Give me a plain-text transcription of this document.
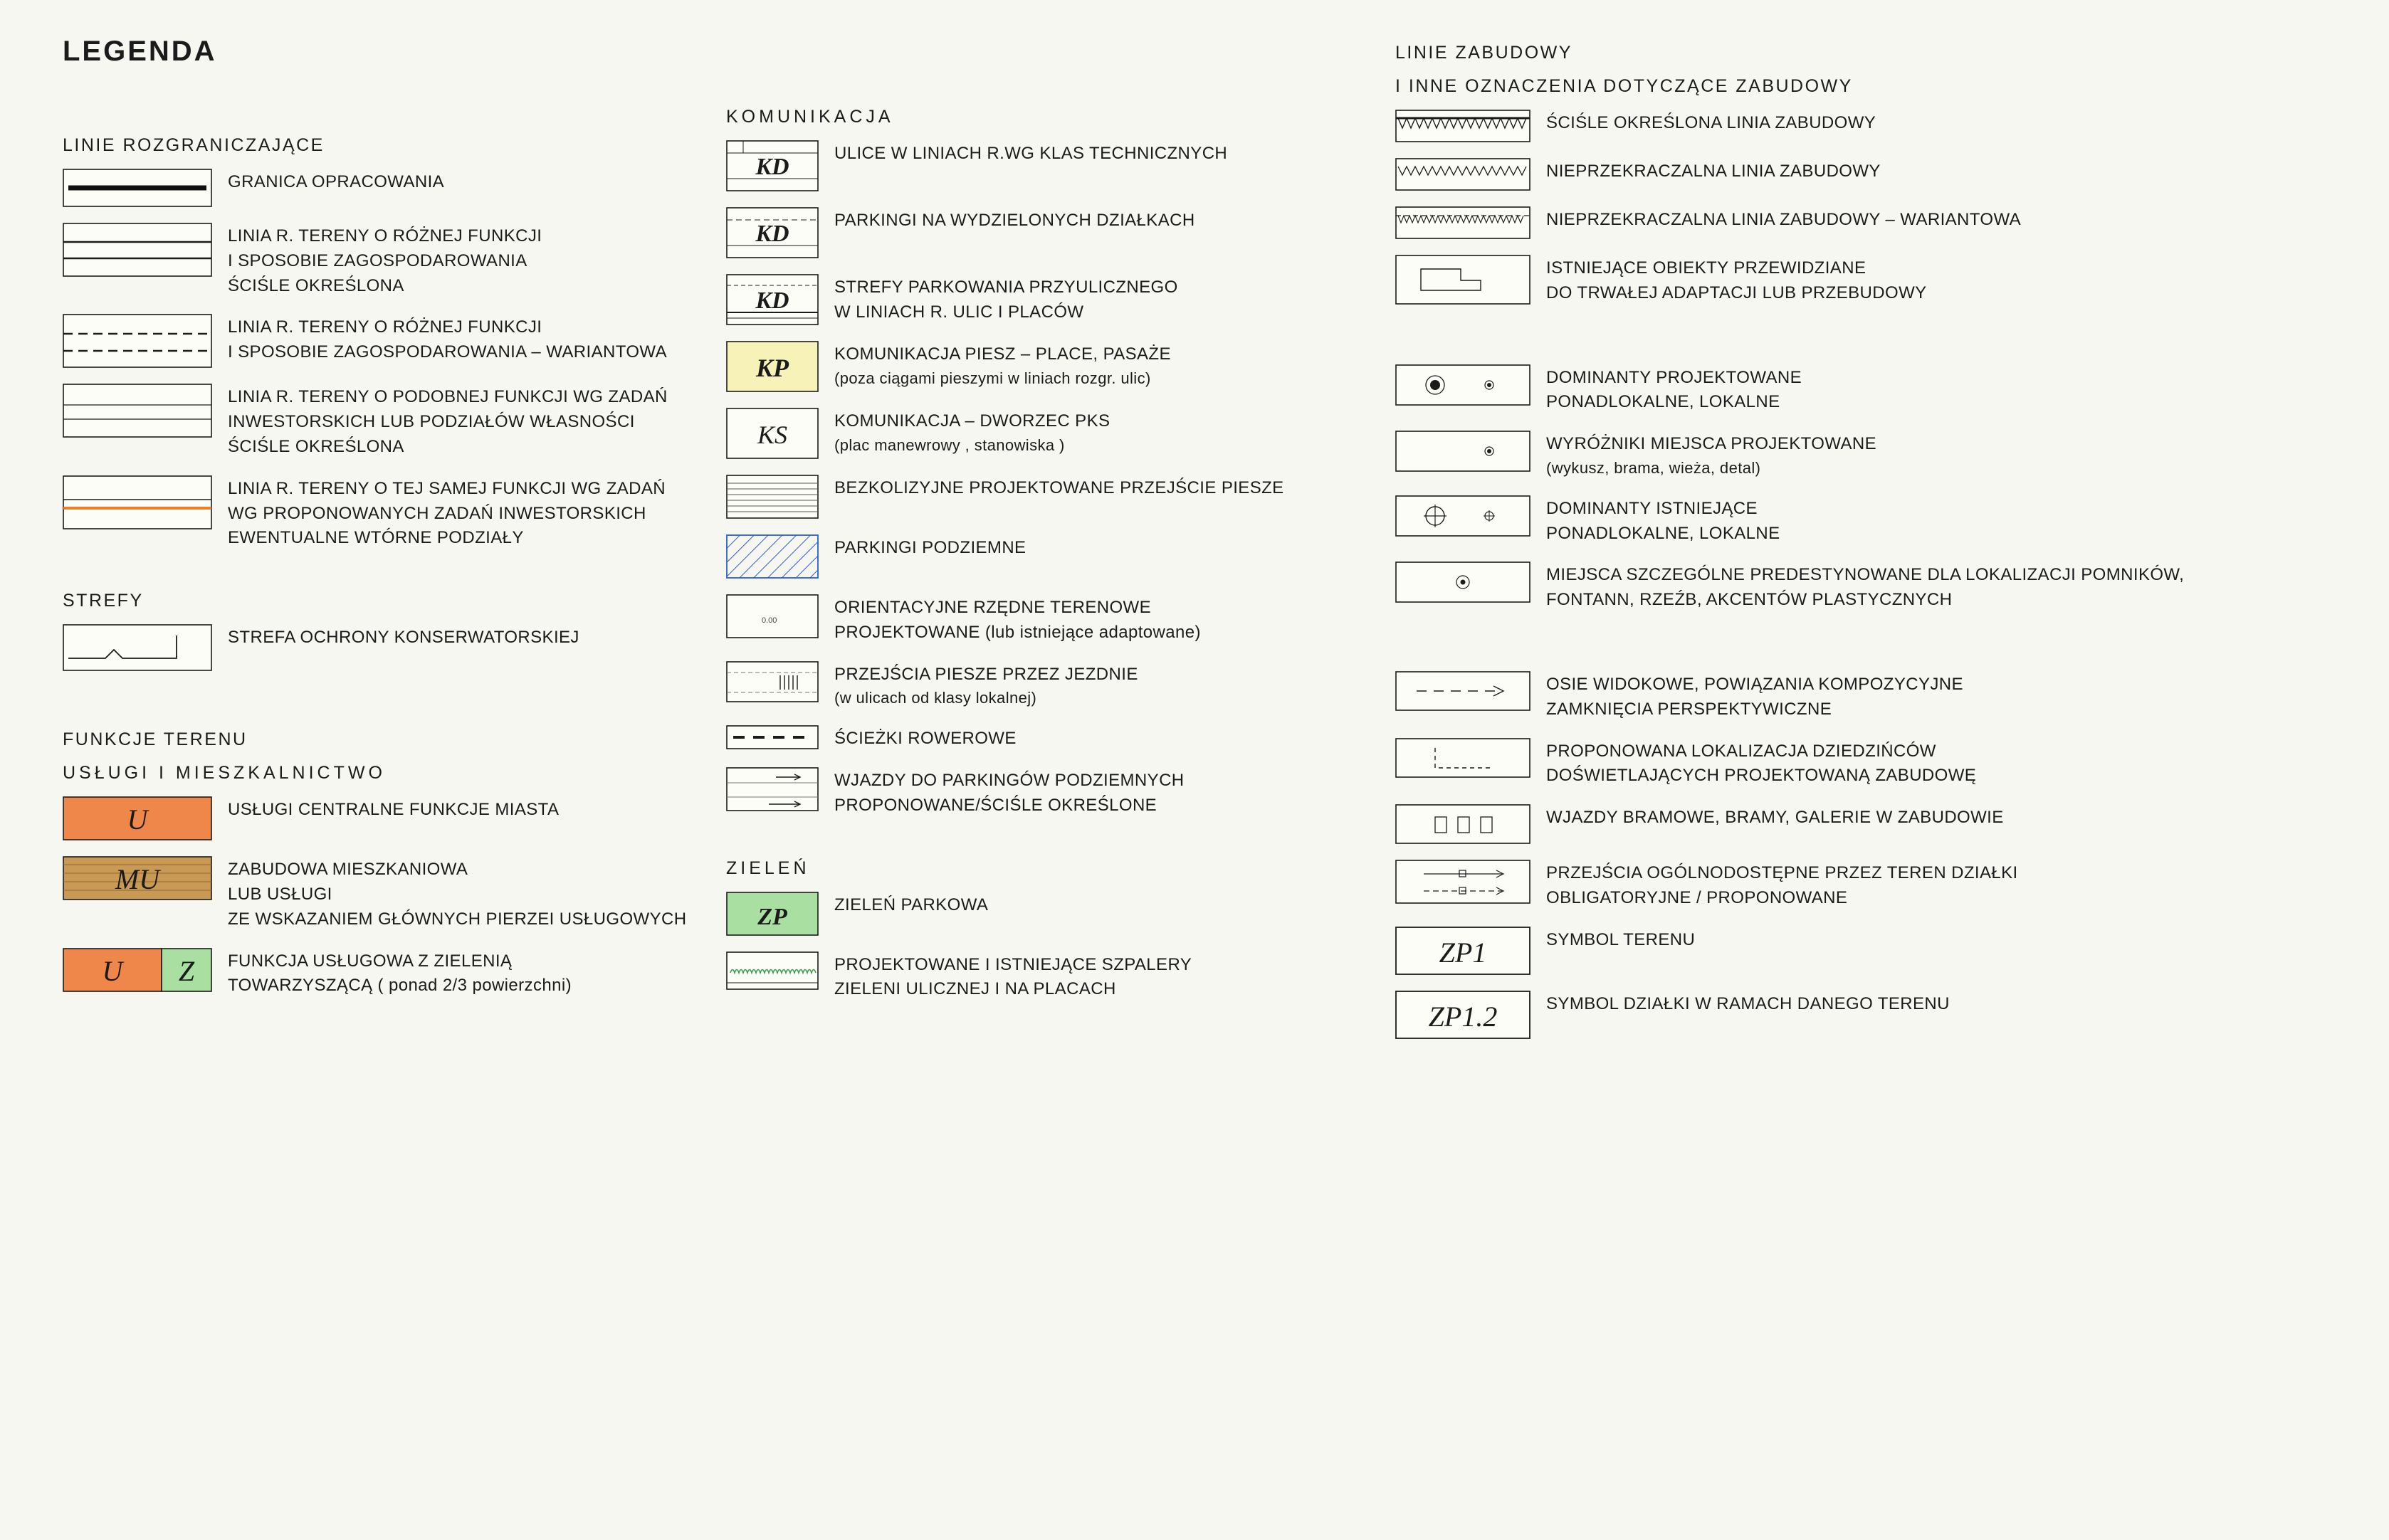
LEGENDA
LINIE ROZGRANICZAJĄCE
GRANICA OPRACOWANIA
LINIA R. TERENY O RÓŻNEJ FUNKCJI
I SPOSOBIE ZAGOSPODAROWANIA
ŚCIŚLE OKREŚLONA
LINIA R. TERENY O RÓŻNEJ FUNKCJI
I SPOSOBIE ZAGOSPODAROWANIA – WARIANTOWA
LINIA R. TERENY O PODOBNEJ FUNKCJI WG ZADAŃ
INWESTORSKICH LUB PODZIAŁÓW WŁASNOŚCI
ŚCIŚLE OKREŚLONA
LINIA R. TERENY O TEJ SAMEJ FUNKCJI WG ZADAŃ
WG PROPONOWANYCH ZADAŃ INWESTORSKICH
EWENTUALNE WTÓRNE PODZIAŁY
STREFY
STREFA OCHRONY KONSERWATORSKIEJ
FUNKCJE TERENU
USŁUGI I MIESZKALNICTWO
U	USŁUGI CENTRALNE FUNKCJE MIASTA
MU	ZABUDOWA MIESZKANIOWA
LUB USŁUGI
ZE WSKAZANIEM GŁÓWNYCH PIERZEI USŁUGOWYCH
U Z FUNKCJA USŁUGOWA Z ZIELENIĄ
TOWARZYSZĄCĄ ( ponad 2/3 powierzchni)
KOMUNIKACJA
KD
ULICE W LINIACH R.WG KLAS TECHNICZNYCH
KD
PARKINGI NA WYDZIELONYCH DZIAŁKACH
KD
STREFY PARKOWANIA PRZYULICZNEGO
W LINIACH R. ULIC I PLACÓW
KP	KOMUNIKACJA PIESZ – PLACE, PASAŻE
(poza ciągami pieszymi w liniach rozgr. ulic)
KS	KOMUNIKACJA – DWORZEC PKS
(plac manewrowy , stanowiska )
BEZKOLIZYJNE PROJEKTOWANE PRZEJŚCIE PIESZE
PARKINGI PODZIEMNE
0.00
ORIENTACYJNE RZĘDNE TERENOWE
PROJEKTOWANE (lub istniejące adaptowane)
PRZEJŚCIA PIESZE PRZEZ JEZDNIE
(w ulicach od klasy lokalnej)
ŚCIEŻKI ROWEROWE
WJAZDY DO PARKINGÓW PODZIEMNYCH
PROPONOWANE/ŚCIŚLE OKREŚLONE
ZIELEŃ
ZP	ZIELEŃ PARKOWA
PROJEKTOWANE I ISTNIEJĄCE SZPALERY
ZIELENI ULICZNEJ I NA PLACACH
LINIE ZABUDOWY
I INNE OZNACZENIA DOTYCZĄCE ZABUDOWY
ŚCIŚLE OKREŚLONA LINIA ZABUDOWY
NIEPRZEKRACZALNA LINIA ZABUDOWY
NIEPRZEKRACZALNA LINIA ZABUDOWY – WARIANTOWA
ISTNIEJĄCE OBIEKTY PRZEWIDZIANE
DO TRWAŁEJ ADAPTACJI LUB PRZEBUDOWY
DOMINANTY PROJEKTOWANE
PONADLOKALNE, LOKALNE
WYRÓŻNIKI MIEJSCA PROJEKTOWANE
(wykusz, brama, wieża, detal)
DOMINANTY ISTNIEJĄCE
PONADLOKALNE, LOKALNE
MIEJSCA SZCZEGÓLNE PREDESTYNOWANE DLA LOKALIZACJI POMNIKÓW,
FONTANN, RZEŹB, AKCENTÓW PLASTYCZNYCH
OSIE WIDOKOWE, POWIĄZANIA KOMPOZYCYJNE
ZAMKNIĘCIA PERSPEKTYWICZNE
PROPONOWANA LOKALIZACJA DZIEDZIŃCÓW
DOŚWIETLAJĄCYCH PROJEKTOWANĄ ZABUDOWĘ
WJAZDY BRAMOWE, BRAMY, GALERIE W ZABUDOWIE
PRZEJŚCIA OGÓLNODOSTĘPNE PRZEZ TEREN DZIAŁKI
OBLIGATORYJNE / PROPONOWANE
ZP1	SYMBOL TERENU
ZP1.2	SYMBOL DZIAŁKI W RAMACH DANEGO TERENU
